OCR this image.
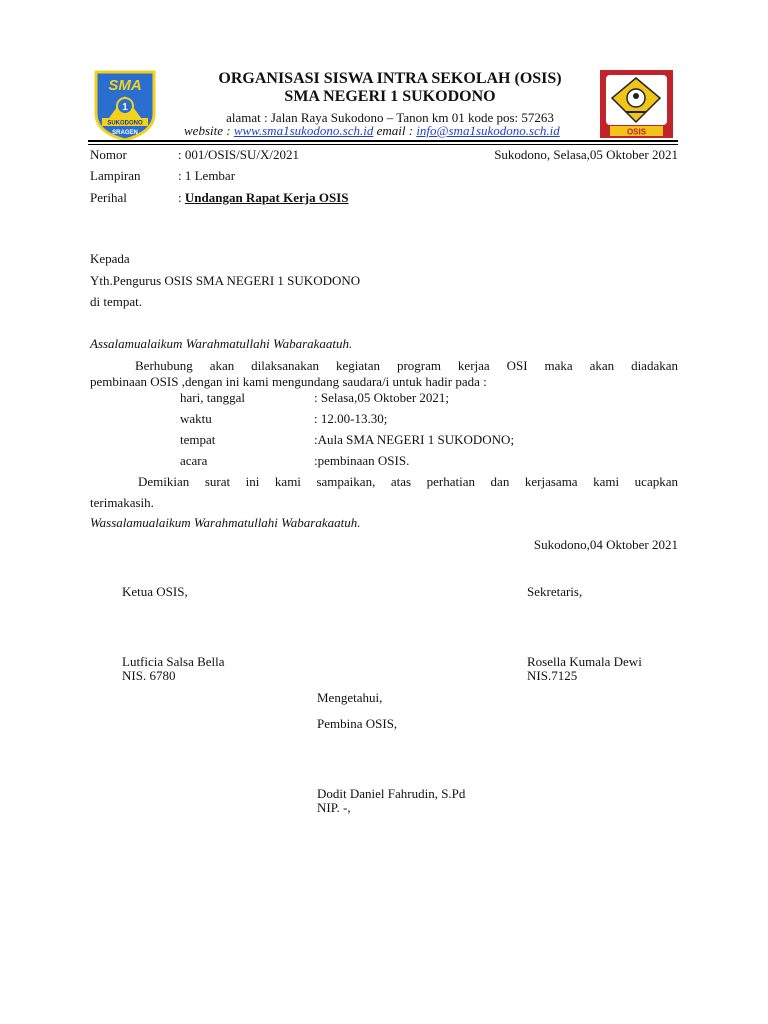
SMA
1
SUKODONO
SRAGEN	OSIS
ORGANISASI SISWA INTRA SEKOLAH (OSIS)
SMA NEGERI 1 SUKODONO
alamat : Jalan Raya Sukodono – Tanon km 01 kode pos: 57263
website : www.sma1sukodono.sch.id email : info@sma1sukodono.sch.id
Nomor	: 001/OSIS/SU/X/2021	Sukodono, Selasa,05 Oktober 2021
Lampiran	: 1 Lembar
Perihal	: Undangan Rapat Kerja OSIS
Kepada
Yth.Pengurus OSIS SMA NEGERI 1 SUKODONO
di tempat.
Assalamualaikum Warahmatullahi Wabarakaatuh.
Berhubung akan dilaksanakan kegiatan program kerjaa OSI maka akan diadakan
pembinaan OSIS ,dengan ini kami mengundang saudara/i untuk hadir pada :
hari, tanggal	: Selasa,05 Oktober 2021;
waktu	: 12.00-13.30;
tempat	:Aula SMA NEGERI 1 SUKODONO;
acara	:pembinaan OSIS.
Demikian surat ini kami sampaikan, atas perhatian dan kerjasama kami ucapkan
terimakasih.
Wassalamualaikum Warahmatullahi Wabarakaatuh.
Sukodono,04 Oktober 2021
Ketua OSIS,	Sekretaris,
Lutficia Salsa Bella
NIS. 6780
Rosella Kumala Dewi
NIS.7125
Mengetahui,
Pembina OSIS,
Dodit Daniel Fahrudin, S.Pd
NIP. -,
